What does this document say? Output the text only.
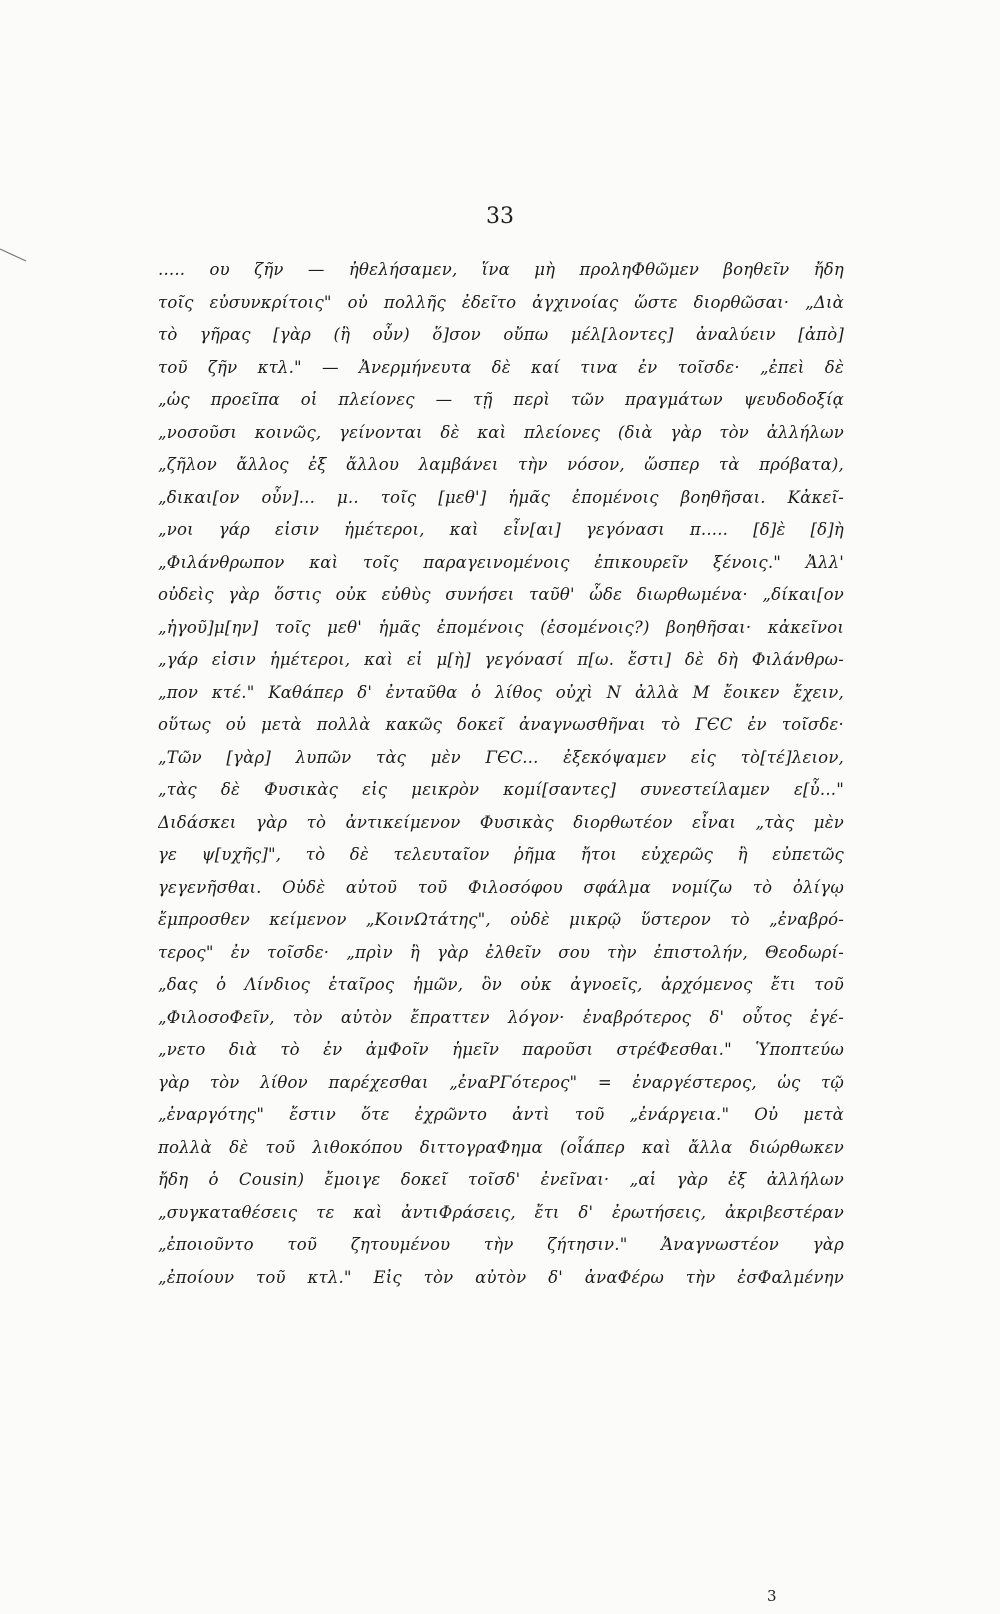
33
..... ου ζῆν — ἠθελήσαμεν, ἵνα μὴ προληΦθῶμεν βοηθεῖν ἤδη
τοῖς εὐσυνκρίτοις" οὐ πολλῆς ἐδεῖτο ἀγχινοίας ὥστε διορθῶσαι· „Διὰ
τὸ γῆρας [γὰρ (ἢ οὖν) ὅ]σον οὔπω μέλ[λοντες] ἀναλύειν [ἀπὸ]
τοῦ ζῆν κτλ." — Ἀνερμήνευτα δὲ καί τινα ἐν τοῖσδε· „ἐπεὶ δὲ
„ὡς προεῖπα οἱ πλείονες — τῇ περὶ τῶν πραγμάτων ψευδοδοξίᾳ
„νοσοῦσι κοινῶς, γείνονται δὲ καὶ πλείονες (διὰ γὰρ τὸν ἀλλήλων
„ζῆλον ἄλλος ἐξ ἄλλου λαμβάνει τὴν νόσον, ὥσπερ τὰ πρόβατα),
„δικαι[ον οὖν]... μ.. τοῖς [μεθ'] ἡμᾶς ἐπομένοις βοηθῆσαι. Κἀκεῖ-
„νοι γάρ εἰσιν ἡμέτεροι, καὶ εἶν[αι] γεγόνασι π..... [δ]ὲ [δ]ὴ
„Φιλάνθρωπον καὶ τοῖς παραγεινομένοις ἐπικουρεῖν ξένοις." Ἀλλ'
οὐδεὶς γὰρ ὅστις οὐκ εὐθὺς συνήσει ταῦθ' ὧδε διωρθωμένα· „δίκαι[ον
„ἡγοῦ]μ[ην] τοῖς μεθ' ἡμᾶς ἐπομένοις (ἐσομένοις?) βοηθῆσαι· κἀκεῖνοι
„γάρ εἰσιν ἡμέτεροι, καὶ εἰ μ[ὴ] γεγόνασί π[ω. ἔστι] δὲ δὴ Φιλάνθρω-
„πον κτέ." Καθάπερ δ' ἐνταῦθα ὁ λίθος οὐχὶ N ἀλλὰ M ἔοικεν ἔχειν,
οὕτως οὐ μετὰ πολλὰ κακῶς δοκεῖ ἀναγνωσθῆναι τὸ ΓЄC ἐν τοῖσδε·
„Τῶν [γὰρ] λυπῶν τὰς μὲν ΓЄC... ἐξεκόψαμεν εἰς τὸ[τέ]λειον,
„τὰς δὲ Φυσικὰς εἰς μεικρὸν κομί[σαντες] συνεστείλαμεν ε[ὖ..."
Διδάσκει γὰρ τὸ ἀντικείμενον Φυσικὰς διορθωτέον εἶναι „τὰς μὲν
γε ψ[υχῆς]", τὸ δὲ τελευταῖον ῥῆμα ἤτοι εὐχερῶς ἢ εὐπετῶς
γεγενῆσθαι. Οὐδὲ αὐτοῦ τοῦ Φιλοσόφου σφάλμα νομίζω τὸ ὀλίγῳ
ἔμπροσθεν κείμενον „ΚοινΩτάτης", οὐδὲ μικρῷ ὕστερον τὸ „ἐναβρό-
τερος" ἐν τοῖσδε· „πρὶν ἢ γὰρ ἐλθεῖν σου τὴν ἐπιστολήν, Θεοδωρί-
„δας ὁ Λίνδιος ἑταῖρος ἡμῶν, ὃν οὐκ ἀγνοεῖς, ἀρχόμενος ἔτι τοῦ
„ΦιλοσοΦεῖν, τὸν αὐτὸν ἔπραττεν λόγον· ἐναβρότερος δ' οὗτος ἐγέ-
„νετο διὰ τὸ ἐν ἀμΦοῖν ἡμεῖν παροῦσι στρέΦεσθαι." Ὑποπτεύω
γὰρ τὸν λίθον παρέχεσθαι „ἐναΡΓότερος" = ἐναργέστερος, ὡς τῷ
„ἐναργότης" ἔστιν ὅτε ἐχρῶντο ἀντὶ τοῦ „ἐνάργεια." Οὐ μετὰ
πολλὰ δὲ τοῦ λιθοκόπου διττογραΦημα (οἷάπερ καὶ ἄλλα διώρθωκεν
ἤδη ὁ Cousin) ἔμοιγε δοκεῖ τοῖσδ' ἐνεῖναι· „αἱ γὰρ ἐξ ἀλλήλων
„συγκαταθέσεις τε καὶ ἀντιΦράσεις, ἔτι δ' ἐρωτήσεις, ἀκριβεστέραν
„ἐποιοῦντο τοῦ ζητουμένου τὴν ζήτησιν." Ἀναγνωστέον γὰρ
„ἐποίουν τοῦ κτλ." Εἰς τὸν αὐτὸν δ' ἀναΦέρω τὴν ἐσΦαλμένην
3
